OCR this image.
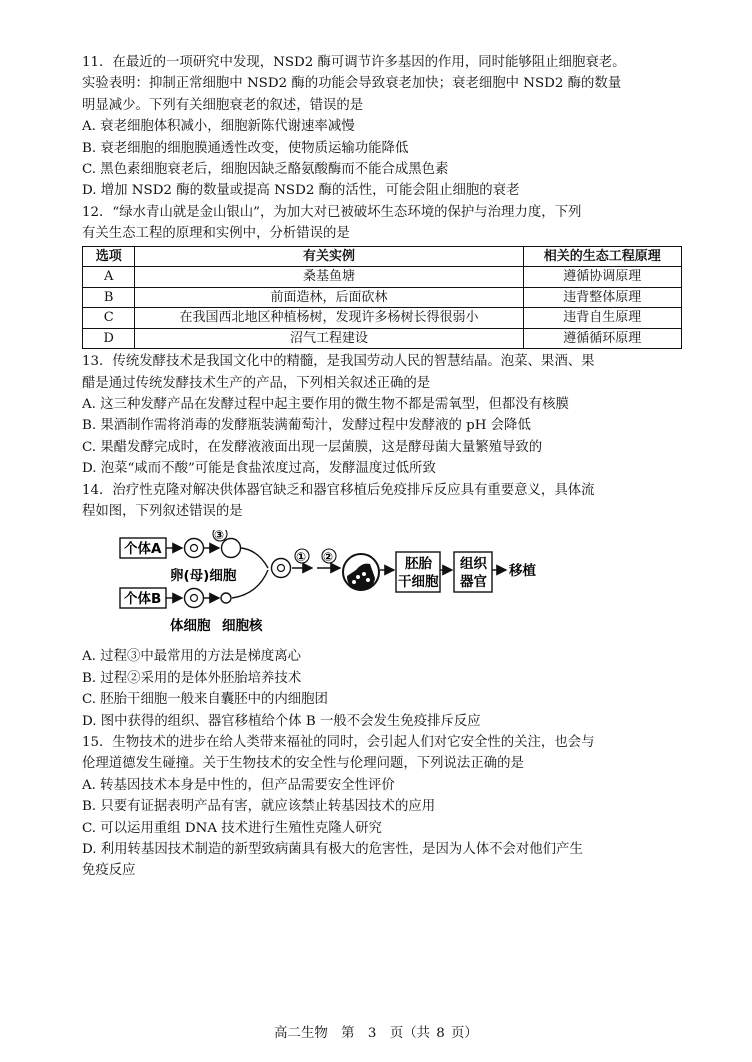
11．在最近的一项研究中发现，NSD2 酶可调节许多基因的作用，同时能够阻止细胞衰老。
实验表明：抑制正常细胞中 NSD2 酶的功能会导致衰老加快；衰老细胞中 NSD2 酶的数量
明显减少。下列有关细胞衰老的叙述，错误的是
A. 衰老细胞体积减小，细胞新陈代谢速率减慢
B. 衰老细胞的细胞膜通透性改变，使物质运输功能降低
C. 黑色素细胞衰老后，细胞因缺乏酪氨酸酶而不能合成黑色素
D. 增加 NSD2 酶的数量或提高 NSD2 酶的活性，可能会阻止细胞的衰老
12．“绿水青山就是金山银山”，为加大对已被破坏生态环境的保护与治理力度，下列
有关生态工程的原理和实例中，分析错误的是
选项	有关实例	相关的生态工程原理
A	桑基鱼塘	遵循协调原理
B	前面造林，后面砍林	违背整体原理
C	在我国西北地区种植杨树，发现许多杨树长得很弱小	违背自生原理
D	沼气工程建设	遵循循环原理
13．传统发酵技术是我国文化中的精髓，是我国劳动人民的智慧结晶。泡菜、果酒、果
醋是通过传统发酵技术生产的产品，下列相关叙述正确的是
A. 这三种发酵产品在发酵过程中起主要作用的微生物不都是需氧型，但都没有核膜
B. 果酒制作需将消毒的发酵瓶装满葡萄汁，发酵过程中发酵液的 pH 会降低
C. 果醋发酵完成时，在发酵液液面出现一层菌膜，这是酵母菌大量繁殖导致的
D. 泡菜“咸而不酸”可能是食盐浓度过高，发酵温度过低所致
14．治疗性克隆对解决供体器官缺乏和器官移植后免疫排斥反应具有重要意义，具体流
程如图，下列叙述错误的是
个体A
③
卵(母)细胞
个体B
体细胞 细胞核
① ②	胚胎
干细胞
组织
器官
移植
A. 过程③中最常用的方法是梯度离心
B. 过程②采用的是体外胚胎培养技术
C. 胚胎干细胞一般来自囊胚中的内细胞团
D. 图中获得的组织、器官移植给个体 B 一般不会发生免疫排斥反应
15．生物技术的进步在给人类带来福祉的同时，会引起人们对它安全性的关注，也会与
伦理道德发生碰撞。关于生物技术的安全性与伦理问题，下列说法正确的是
A. 转基因技术本身是中性的，但产品需要安全性评价
B. 只要有证据表明产品有害，就应该禁止转基因技术的应用
C. 可以运用重组 DNA 技术进行生殖性克隆人研究
D. 利用转基因技术制造的新型致病菌具有极大的危害性，是因为人体不会对他们产生
免疫反应
高二生物　第　3　页（共 8 页）
